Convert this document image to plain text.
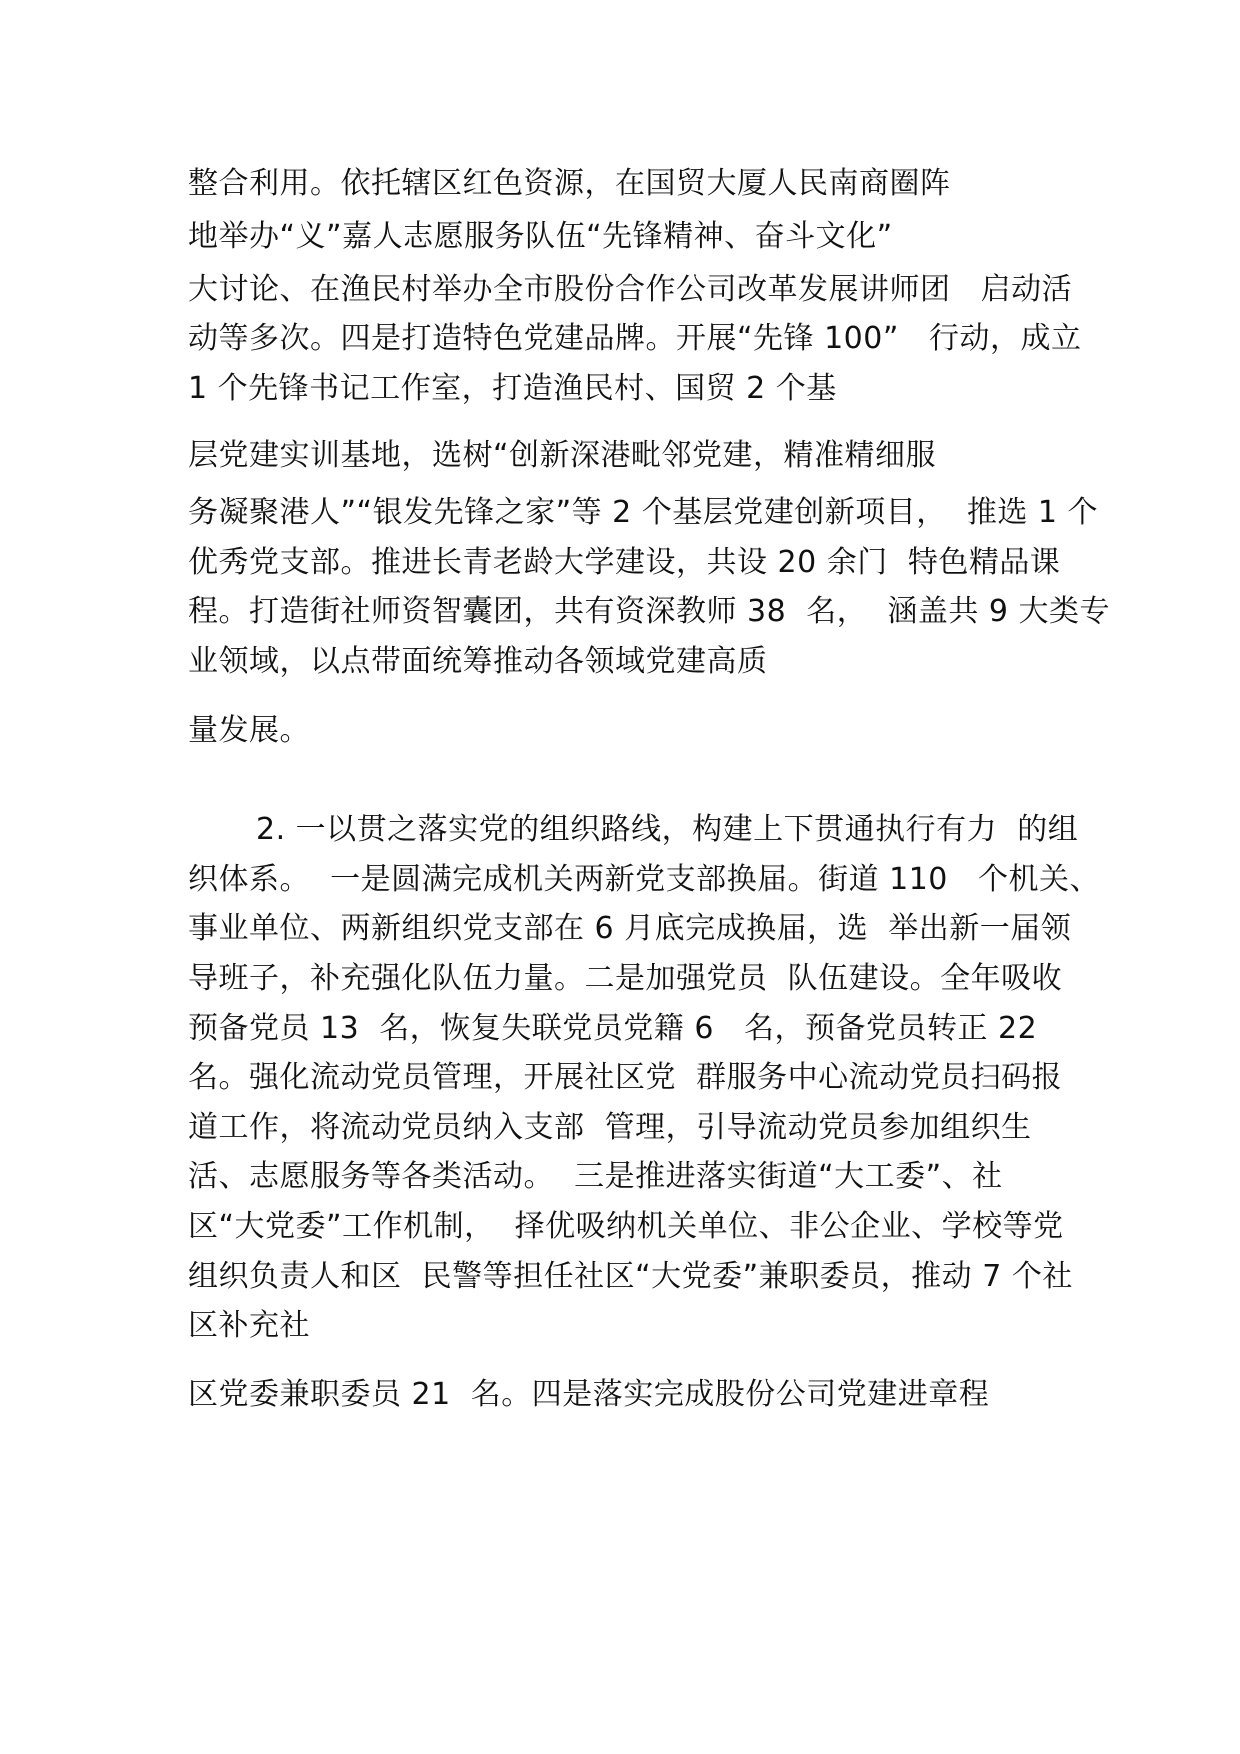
整合利用。依托辖区红色资源，在国贸大厦人民南商圈阵
地举办“义”嘉人志愿服务队伍“先锋精神、奋斗文化”
大讨论、在渔民村举办全市股份合作公司改革发展讲师团   启动活
动等多次。四是打造特色党建品牌。开展“先锋 100”   行动，成立
1 个先锋书记工作室，打造渔民村、国贸 2 个基
层党建实训基地，选树“创新深港毗邻党建，精准精细服
务凝聚港人”“银发先锋之家”等 2 个基层党建创新项目，  推选 1 个
优秀党支部。推进长青老龄大学建设，共设 20 余门  特色精品课
程。打造街社师资智囊团，共有资深教师 38  名，  涵盖共 9 大类专
业领域，以点带面统筹推动各领域党建高质
量发展。
2. 一以贯之落实党的组织路线，构建上下贯通执行有力  的组
织体系。  一是圆满完成机关两新党支部换届。街道 110   个机关、
事业单位、两新组织党支部在 6 月底完成换届，选  举出新一届领
导班子，补充强化队伍力量。二是加强党员  队伍建设。全年吸收
预备党员 13  名，恢复失联党员党籍 6   名，预备党员转正 22
名。强化流动党员管理，开展社区党  群服务中心流动党员扫码报
道工作，将流动党员纳入支部  管理，引导流动党员参加组织生
活、志愿服务等各类活动。  三是推进落实街道“大工委”、社
区“大党委”工作机制，  择优吸纳机关单位、非公企业、学校等党
组织负责人和区  民警等担任社区“大党委”兼职委员，推动 7 个社
区补充社
区党委兼职委员 21  名。四是落实完成股份公司党建进章程
